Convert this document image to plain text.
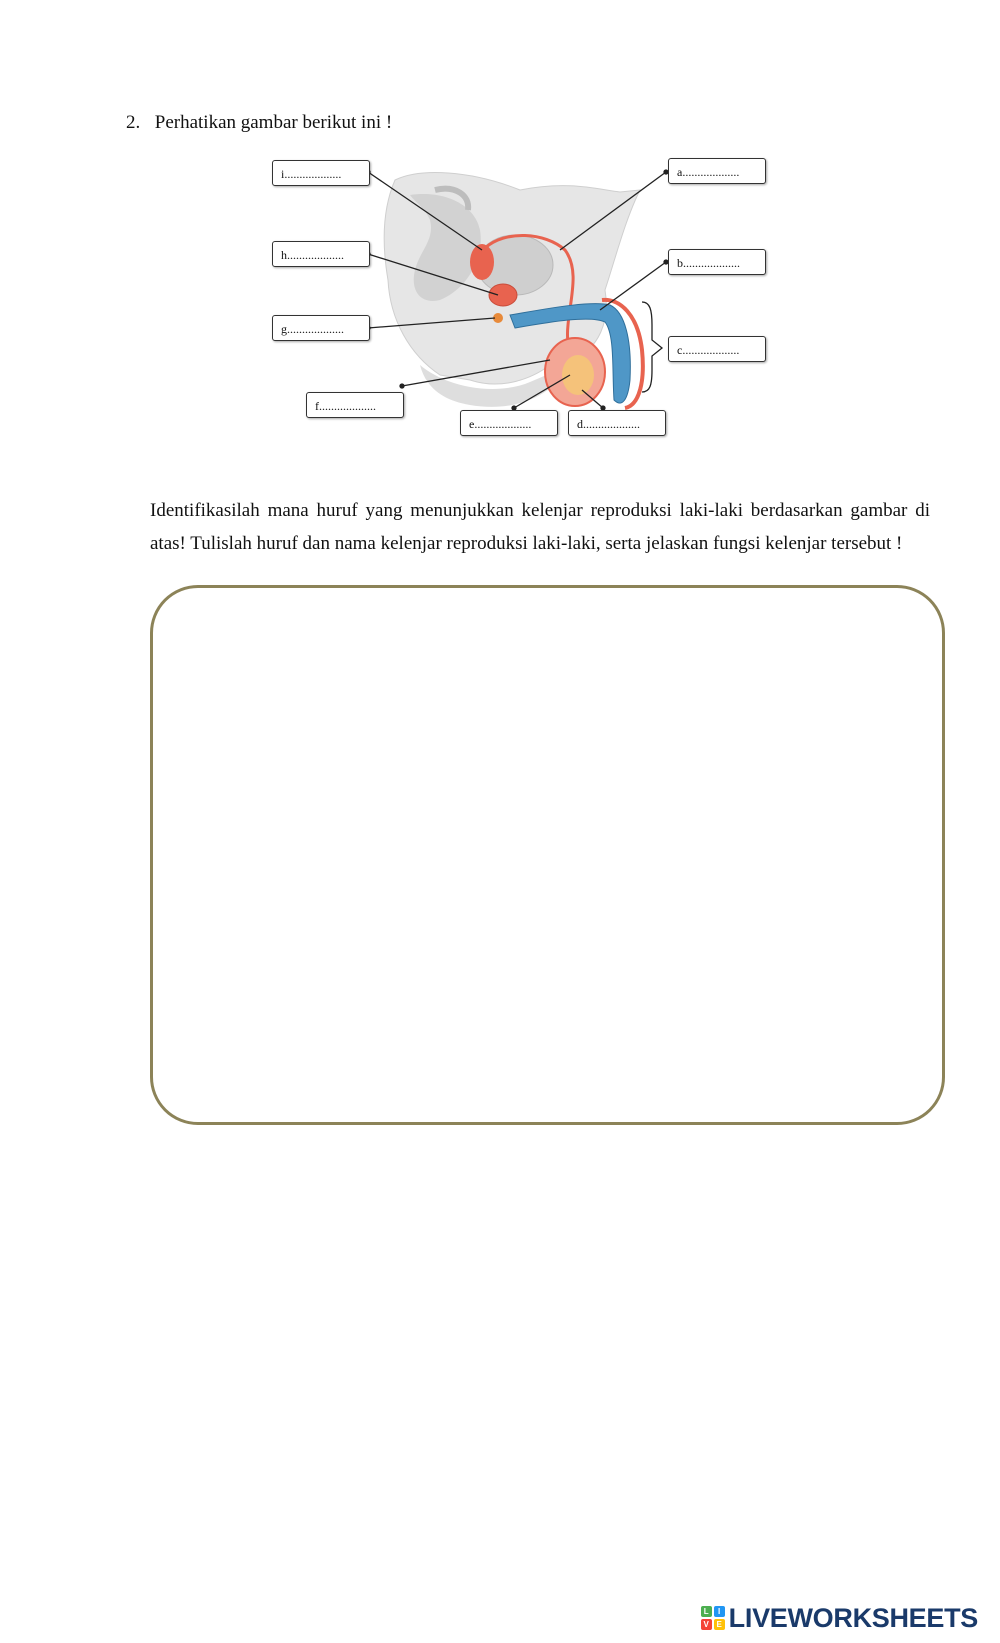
2. Perhatikan gambar berikut ini !
i...................
h...................
g...................
f...................
e...................	d...................
a...................
b...................
c...................
Identifikasilah mana huruf yang menunjukkan kelenjar reproduksi laki-laki berdasarkan gambar di atas! Tulislah huruf dan nama kelenjar reproduksi laki-laki, serta jelaskan fungsi kelenjar tersebut !
L	I
V E LIVEWORKSHEETS
